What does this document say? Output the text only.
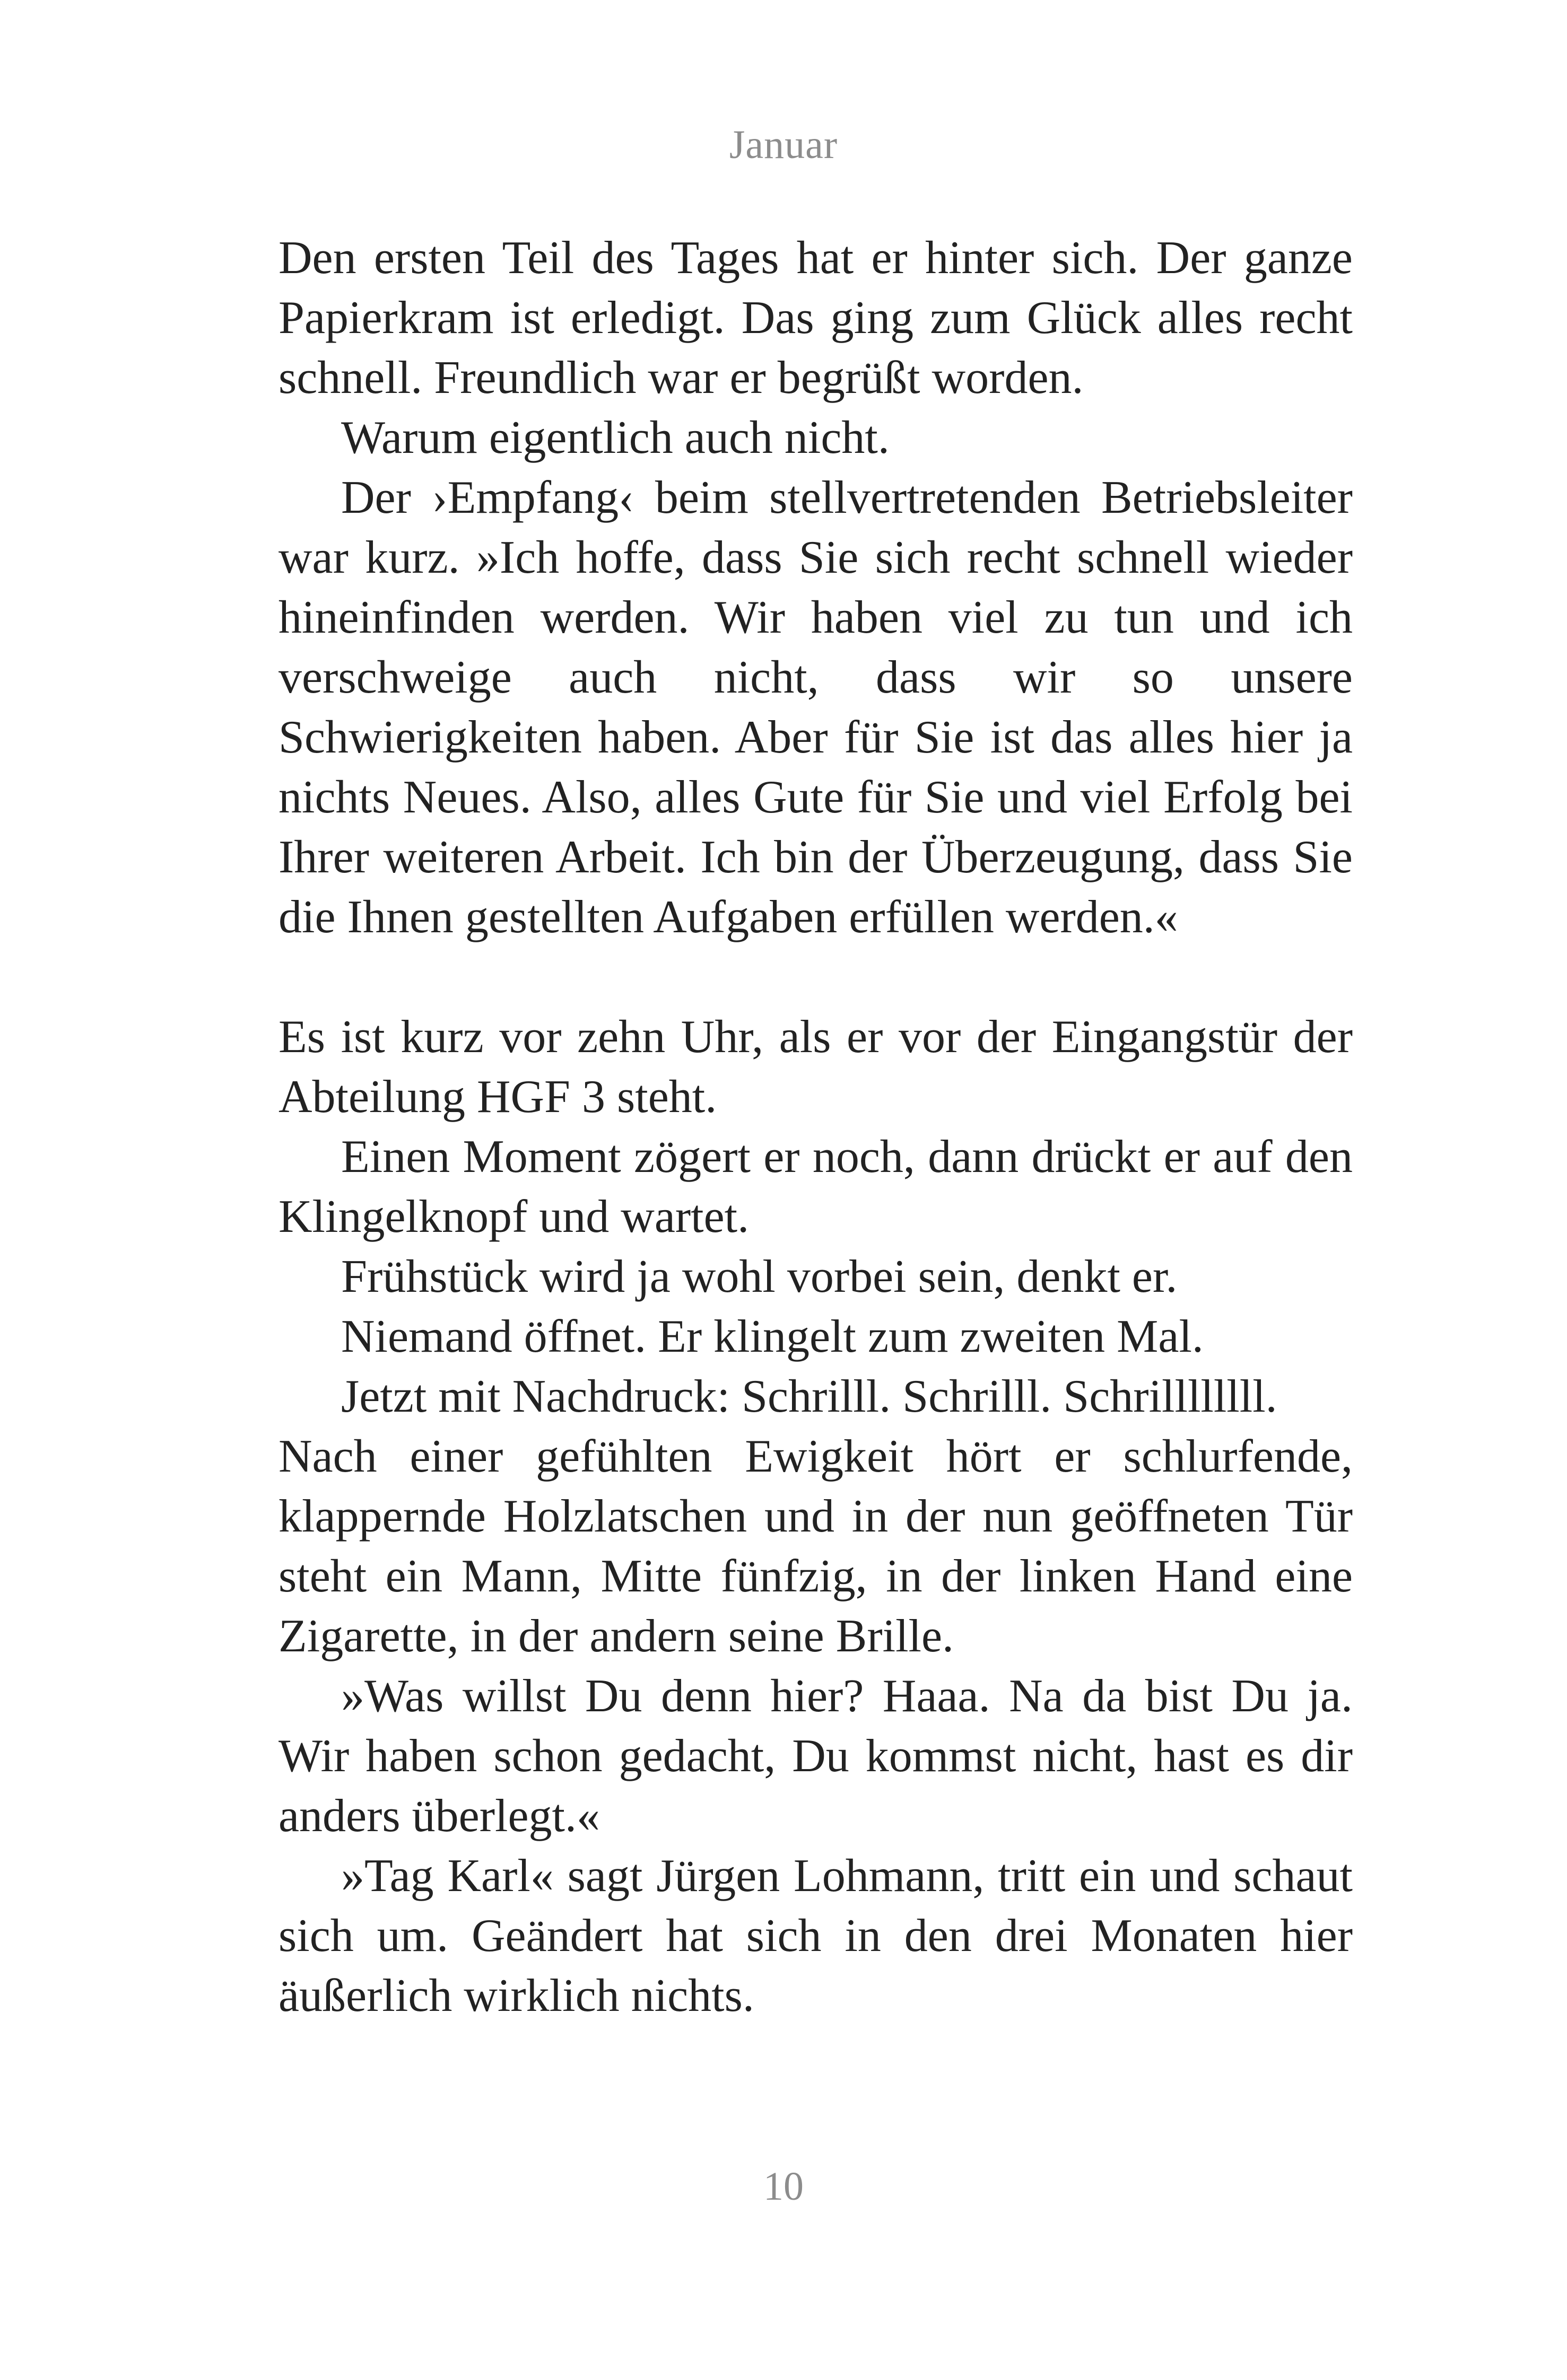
Januar

Den ersten Teil des Tages hat er hinter sich. Der ganze Papierkram ist erledigt. Das ging zum Glück alles recht schnell. Freundlich war er begrüßt worden.

Warum eigentlich auch nicht.

Der ›Empfang‹ beim stellvertretenden Betriebsleiter war kurz. »Ich hoffe, dass Sie sich recht schnell wieder hineinfinden werden. Wir haben viel zu tun und ich verschweige auch nicht, dass wir so unsere Schwierigkeiten haben. Aber für Sie ist das alles hier ja nichts Neues. Also, alles Gute für Sie und viel Erfolg bei Ihrer weiteren Arbeit. Ich bin der Überzeugung, dass Sie die Ihnen gestellten Aufgaben erfüllen werden.«

Es ist kurz vor zehn Uhr, als er vor der Eingangstür der Abteilung HGF 3 steht.

Einen Moment zögert er noch, dann drückt er auf den Klingelknopf und wartet.

Frühstück wird ja wohl vorbei sein, denkt er.

Niemand öffnet. Er klingelt zum zweiten Mal.

Jetzt mit Nachdruck: Schrilll. Schrilll. Schrillllllll.

Nach einer gefühlten Ewigkeit hört er schlurfende, klappernde Holzlatschen und in der nun geöffneten Tür steht ein Mann, Mitte fünfzig, in der linken Hand eine Zigarette, in der andern seine Brille.

»Was willst Du denn hier? Haaa. Na da bist Du ja. Wir haben schon gedacht, Du kommst nicht, hast es dir anders überlegt.«

»Tag Karl« sagt Jürgen Lohmann, tritt ein und schaut sich um. Geändert hat sich in den drei Monaten hier äußerlich wirklich nichts.

10
